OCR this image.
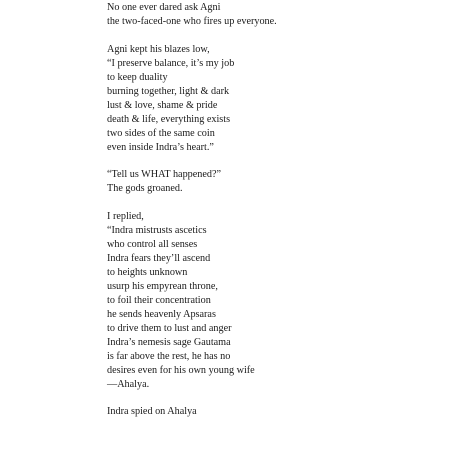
No one ever dared ask Agni
the two-faced-one who fires up everyone.
Agni kept his blazes low,
“I preserve balance, it’s my job
to keep duality
burning together, light & dark
lust & love, shame & pride
death & life, everything exists
two sides of the same coin
even inside Indra’s heart.”
“Tell us WHAT happened?”
The gods groaned.
I replied,
“Indra mistrusts ascetics
who control all senses
Indra fears they’ll ascend
to heights unknown
usurp his empyrean throne,
to foil their concentration
he sends heavenly Apsaras
to drive them to lust and anger
Indra’s nemesis sage Gautama
is far above the rest, he has no
desires even for his own young wife
—Ahalya.
Indra spied on Ahalya
